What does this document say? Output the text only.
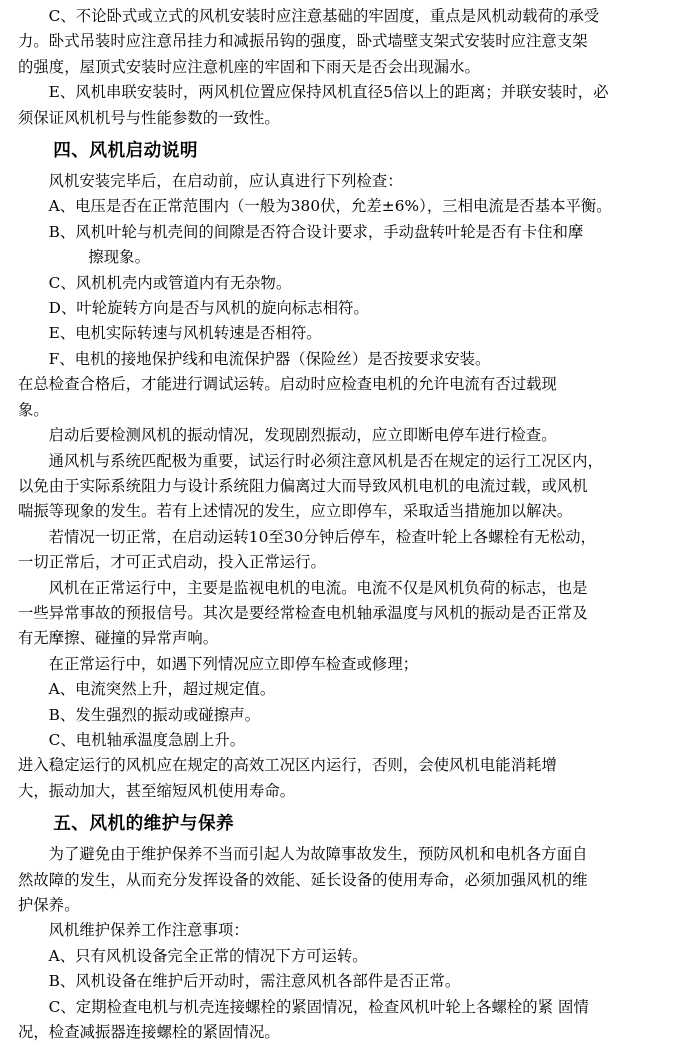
C、不论卧式或立式的风机安装时应注意基础的牢固度，重点是风机动载荷的承受

力。卧式吊装时应注意吊挂力和减振吊钩的强度，卧式墙壁支架式安装时应注意支架

的强度，屋顶式安装时应注意机座的牢固和下雨天是否会出现漏水。

E、风机串联安装时，两风机位置应保持风机直径5倍以上的距离；并联安装时，必

须保证风机机号与性能参数的一致性。

四、风机启动说明

风机安装完毕后，在启动前，应认真进行下列检查：

A、电压是否在正常范围内（一般为380伏，允差±6%），三相电流是否基本平衡。

B、风机叶轮与机壳间的间隙是否符合设计要求，手动盘转叶轮是否有卡住和摩

擦现象。

C、风机机壳内或管道内有无杂物。

D、叶轮旋转方向是否与风机的旋向标志相符。

E、电机实际转速与风机转速是否相符。

F、电机的接地保护线和电流保护器（保险丝）是否按要求安装。

在总检查合格后，才能进行调试运转。启动时应检查电机的允许电流有否过载现

象。

启动后要检测风机的振动情况，发现剧烈振动，应立即断电停车进行检查。

通风机与系统匹配极为重要，试运行时必须注意风机是否在规定的运行工况区内，

以免由于实际系统阻力与设计系统阻力偏离过大而导致风机电机的电流过载，或风机

喘振等现象的发生。若有上述情况的发生，应立即停车，采取适当措施加以解决。

若情况一切正常，在启动运转10至30分钟后停车，检查叶轮上各螺栓有无松动，

一切正常后，才可正式启动，投入正常运行。

风机在正常运行中，主要是监视电机的电流。电流不仅是风机负荷的标志，也是

一些异常事故的预报信号。其次是要经常检查电机轴承温度与风机的振动是否正常及

有无摩擦、碰撞的异常声响。

在正常运行中，如遇下列情况应立即停车检查或修理；

A、电流突然上升，超过规定值。

B、发生强烈的振动或碰擦声。

C、电机轴承温度急剧上升。

进入稳定运行的风机应在规定的高效工况区内运行，否则，会使风机电能消耗增

大，振动加大，甚至缩短风机使用寿命。

五、风机的维护与保养

为了避免由于维护保养不当而引起人为故障事故发生，预防风机和电机各方面自

然故障的发生，从而充分发挥设备的效能、延长设备的使用寿命，必须加强风机的维

护保养。

风机维护保养工作注意事项：

A、只有风机设备完全正常的情况下方可运转。

B、风机设备在维护后开动时，需注意风机各部件是否正常。

C、定期检查电机与机壳连接螺栓的紧固情况，检查风机叶轮上各螺栓的紧 固情

况，检查减振器连接螺栓的紧固情况。
